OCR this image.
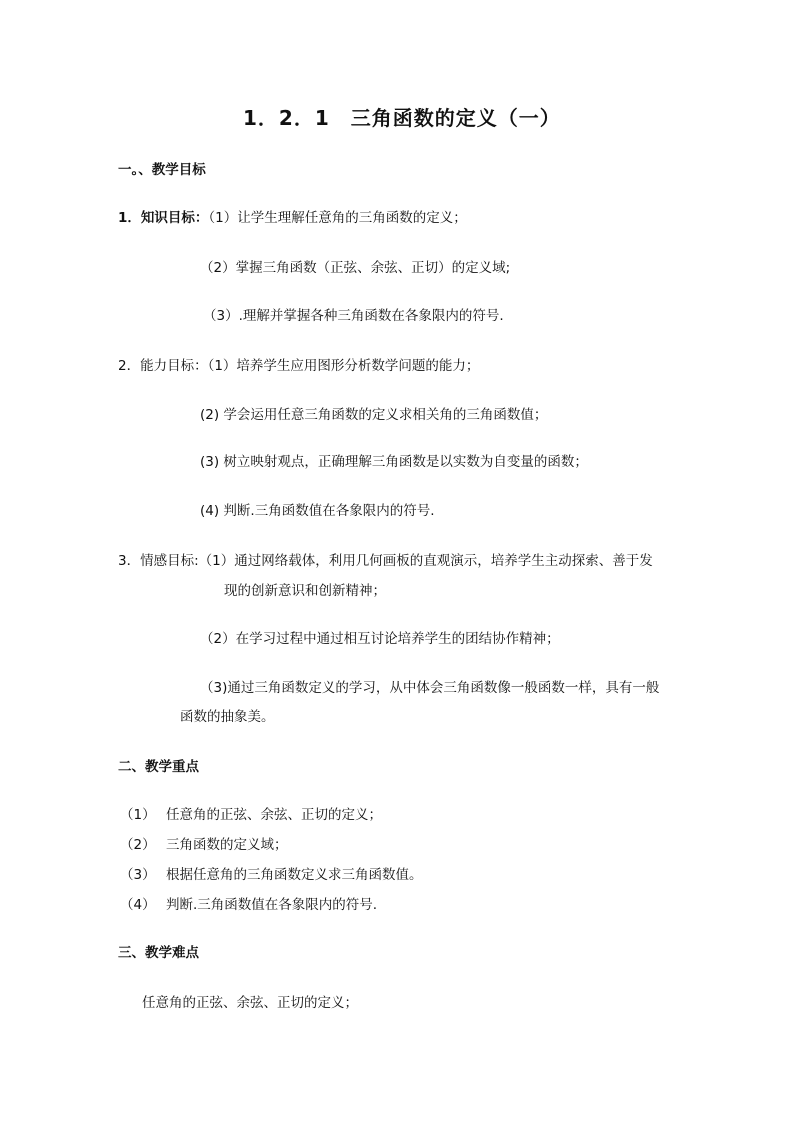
1．2．1　三角函数的定义（一）
一。、教学目标
1．知识目标：（1）让学生理解任意角的三角函数的定义；
（2）掌握三角函数（正弦、余弦、正切）的定义域;
（3）.理解并掌握各种三角函数在各象限内的符号.
2．能力目标：（1）培养学生应用图形分析数学问题的能力；
(2) 学会运用任意三角函数的定义求相关角的三角函数值；
(3) 树立映射观点，正确理解三角函数是以实数为自变量的函数；
(4) 判断.三角函数值在各象限内的符号.
3．情感目标:（1）通过网络载体，利用几何画板的直观演示，培养学生主动探索、善于发
现的创新意识和创新精神；
（2）在学习过程中通过相互讨论培养学生的团结协作精神；
（3)通过三角函数定义的学习，从中体会三角函数像一般函数一样，具有一般
函数的抽象美。
二、教学重点
（1） 任意角的正弦、余弦、正切的定义；
（2） 三角函数的定义域；
（3） 根据任意角的三角函数定义求三角函数值。
（4） 判断.三角函数值在各象限内的符号.
三、教学难点
任意角的正弦、余弦、正切的定义；
